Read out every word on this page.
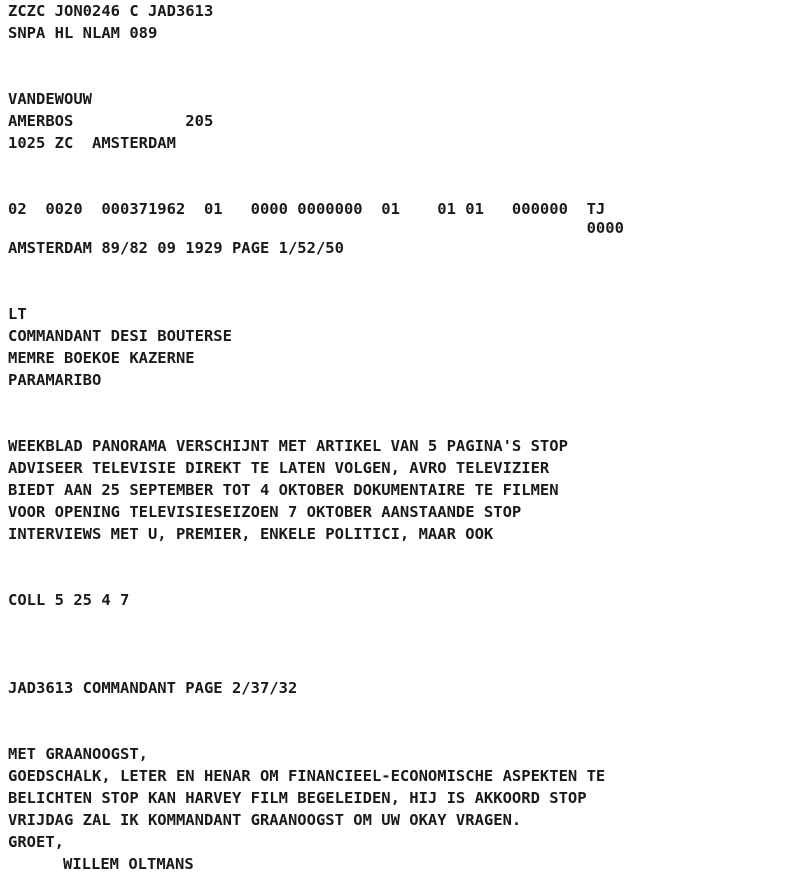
ZCZC JON0246 C JAD3613
SNPA HL NLAM 089
VANDEWOUW
AMERBOS            205
1025 ZC  AMSTERDAM
02  0020  000371962  01   0000 0000000  01    01 01   000000  TJ
0000
AMSTERDAM 89/82 09 1929 PAGE 1/52/50
LT
COMMANDANT DESI BOUTERSE
MEMRE BOEKOE KAZERNE
PARAMARIBO
WEEKBLAD PANORAMA VERSCHIJNT MET ARTIKEL VAN 5 PAGINA'S STOP
ADVISEER TELEVISIE DIREKT TE LATEN VOLGEN, AVRO TELEVIZIER
BIEDT AAN 25 SEPTEMBER TOT 4 OKTOBER DOKUMENTAIRE TE FILMEN
VOOR OPENING TELEVISIESEIZOEN 7 OKTOBER AANSTAANDE STOP
INTERVIEWS MET U, PREMIER, ENKELE POLITICI, MAAR OOK
COLL 5 25 4 7
JAD3613 COMMANDANT PAGE 2/37/32
MET GRAANOOGST,
GOEDSCHALK, LETER EN HENAR OM FINANCIEEL-ECONOMISCHE ASPEKTEN TE
BELICHTEN STOP KAN HARVEY FILM BEGELEIDEN, HIJ IS AKKOORD STOP
VRIJDAG ZAL IK KOMMANDANT GRAANOOGST OM UW OKAY VRAGEN.
GROET,
WILLEM OLTMANS
